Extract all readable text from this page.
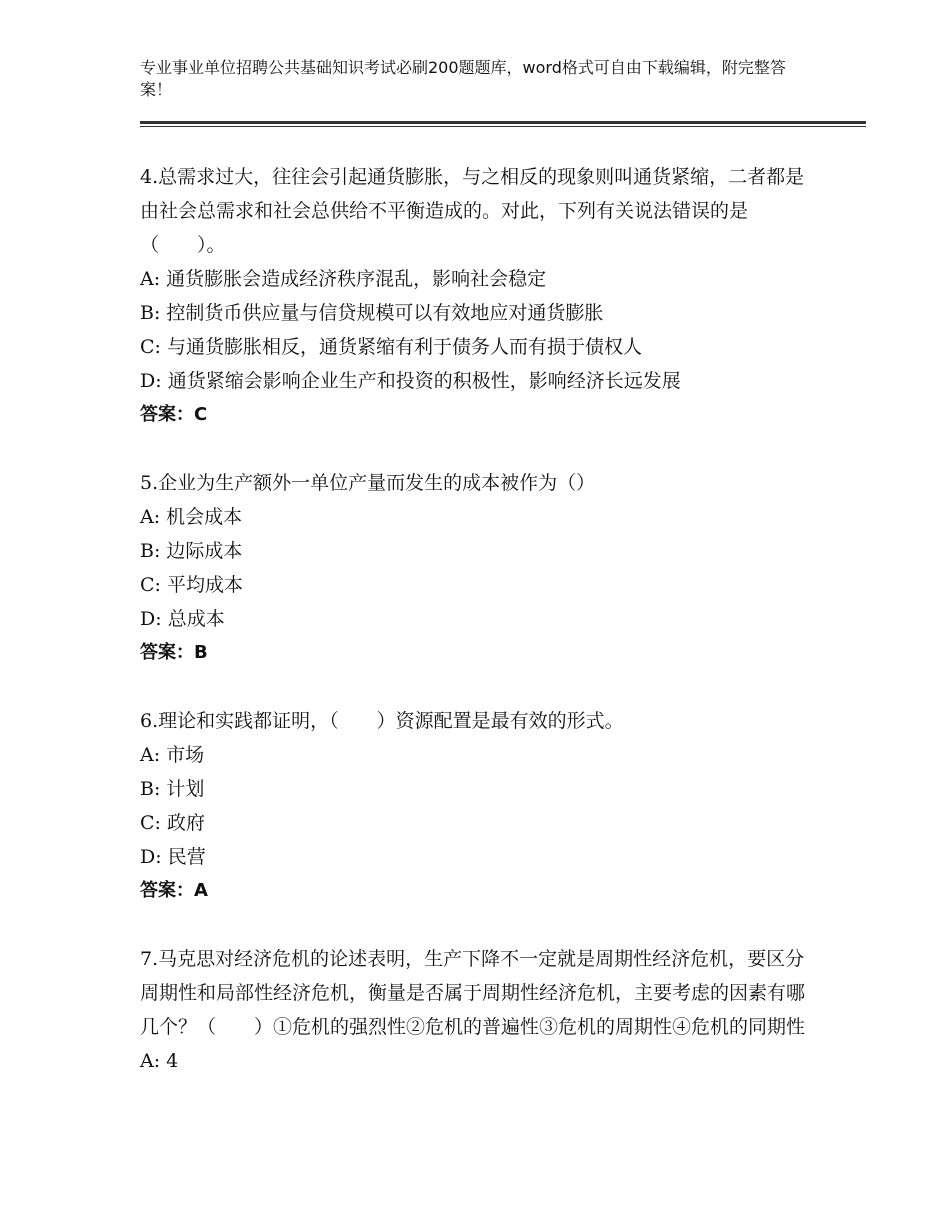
专业事业单位招聘公共基础知识考试必刷200题题库，word格式可自由下载编辑，附完整答案！
4.总需求过大，往往会引起通货膨胀，与之相反的现象则叫通货紧缩，二者都是由社会总需求和社会总供给不平衡造成的。对此，下列有关说法错误的是（　　）。
A: 通货膨胀会造成经济秩序混乱，影响社会稳定
B: 控制货币供应量与信贷规模可以有效地应对通货膨胀
C: 与通货膨胀相反，通货紧缩有利于债务人而有损于债权人
D: 通货紧缩会影响企业生产和投资的积极性，影响经济长远发展
答案：C
5.企业为生产额外一单位产量而发生的成本被作为（）
A: 机会成本
B: 边际成本
C: 平均成本
D: 总成本
答案：B
6.理论和实践都证明，（　　）资源配置是最有效的形式。
A: 市场
B: 计划
C: 政府
D: 民营
答案：A
7.马克思对经济危机的论述表明，生产下降不一定就是周期性经济危机，要区分周期性和局部性经济危机，衡量是否属于周期性经济危机，主要考虑的因素有哪几个？（　　）①危机的强烈性②危机的普遍性③危机的周期性④危机的同期性
A: 4
